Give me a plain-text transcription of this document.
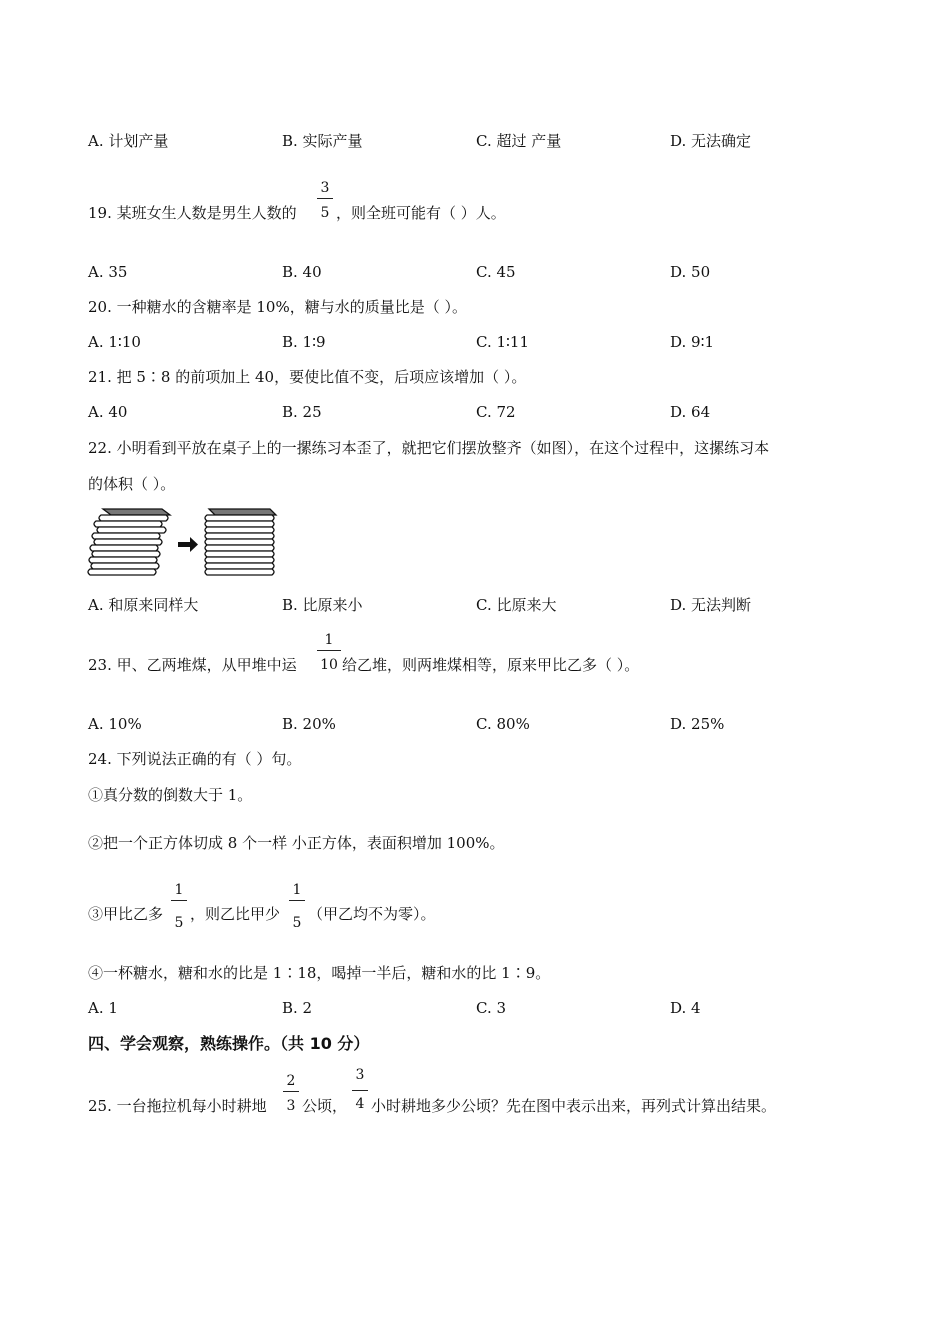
A. 计划产量	B. 实际产量	C. 超过 产量	D. 无法确定
19. 某班女生人数是男生人数的
3
5 ，则全班可能有（ ）人。
A. 35	B. 40	C. 45	D. 50
20. 一种糖水的含糖率是 10%，糖与水的质量比是（ ）。
A. 1∶10	B. 1∶9	C. 1∶11	D. 9∶1
21. 把 5∶8 的前项加上 40，要使比值不变，后项应该增加（ ）。
A. 40	B. 25	C. 72	D. 64
22. 小明看到平放在桌子上的一摞练习本歪了，就把它们摆放整齐（如图），在这个过程中，这摞练习本
的体积（ ）。
A. 和原来同样大	B. 比原来小	C. 比原来大	D. 无法判断
23. 甲、乙两堆煤，从甲堆中运
1
10 给乙堆，则两堆煤相等，原来甲比乙多（ ）。
A. 10%	B. 20%	C. 80%	D. 25%
24. 下列说法正确的有（ ）句。
①真分数的倒数大于 1。
②把一个正方体切成 8 个一样 小正方体，表面积增加 100%。
③甲比乙多
1
5 ，则乙比甲少
1
5 （甲乙均不为零）。
④一杯糖水，糖和水的比是 1∶18，喝掉一半后，糖和水的比 1∶9。
A. 1	B. 2	C. 3	D. 4
四、学会观察，熟练操作。（共 10 分）
25. 一台拖拉机每小时耕地
2
3 公顷，
3
4 小时耕地多少公顷？先在图中表示出来，再列式计算出结果。
